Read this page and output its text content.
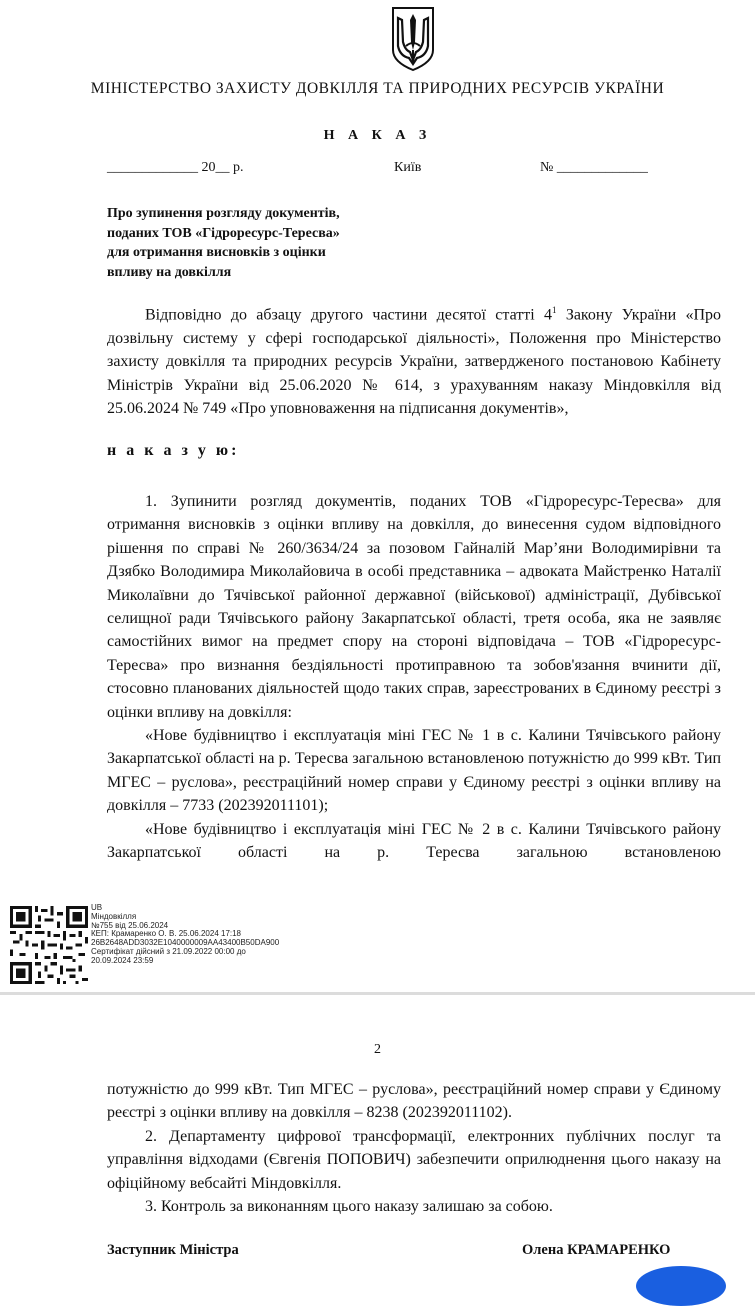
МІНІСТЕРСТВО ЗАХИСТУ ДОВКІЛЛЯ ТА ПРИРОДНИХ РЕСУРСІВ УКРАЇНИ
Н А К А З
_____________ 20__ р.	Київ	№ _____________
Про зупинення розгляду документів,
поданих ТОВ «Гідроресурс-Тересва»
для отримання висновків з оцінки
впливу на довкілля

Відповідно до абзацу другого частини десятої статті $4^1$ Закону України «Про дозвільну систему у сфері господарської діяльності», Положення про Міністерство захисту довкілля та природних ресурсів України, затвердженого постановою Кабінету Міністрів України від 25.06.2020 № 614, з урахуванням наказу Міндовкілля від 25.06.2024 № 749 «Про уповноваження на підписання документів»,

н а к а з у ю:

1. Зупинити розгляд документів, поданих ТОВ «Гідроресурс-Тересва» для отримання висновків з оцінки впливу на довкілля, до винесення судом відповідного рішення по справі № 260/3634/24 за позовом Гайналій Мар’яни Володимирівни та Дзябко Володимира Миколайовича в особі представника – адвоката Майстренко Наталії Миколаївни до Тячівської районної державної (військової) адміністрації, Дубівської селищної ради Тячівського району Закарпатської області, третя особа, яка не заявляє самостійних вимог на предмет спору на стороні відповідача – ТОВ «Гідроресурс-Тересва» про визнання бездіяльності протиправною та зобов'язання вчинити дії, стосовно планованих діяльностей щодо таких справ, зареєстрованих в Єдиному реєстрі з оцінки впливу на довкілля:

«Нове будівництво і експлуатація міні ГЕС № 1 в с. Калини Тячівського району Закарпатської області на р. Тересва загальною встановленою потужністю до 999 кВт. Тип МГЕС – руслова», реєстраційний номер справи у Єдиному реєстрі з оцінки впливу на довкілля – 7733 (202392011101);

«Нове будівництво і експлуатація міні ГЕС № 2 в с. Калини Тячівського району Закарпатської області на р. Тересва загальною встановленою

UB
Міндовкілля
№755 від 25.06.2024
КЕП: Крамаренко О. В. 25.06.2024 17:18
26B2648ADD3032E1040000009AA43400B50DA900
Сертифікат дійсний з 21.09.2022 00:00 до
20.09.2024 23:59
2

потужністю до 999 кВт. Тип МГЕС – руслова», реєстраційний номер справи у Єдиному реєстрі з оцінки впливу на довкілля – 8238 (202392011102).

2. Департаменту цифрової трансформації, електронних публічних послуг та управління відходами (Євгенія ПОПОВИЧ) забезпечити оприлюднення цього наказу на офіційному вебсайті Міндовкілля.

3. Контроль за виконанням цього наказу залишаю за собою.

Заступник Міністра	Олена КРАМАРЕНКО
